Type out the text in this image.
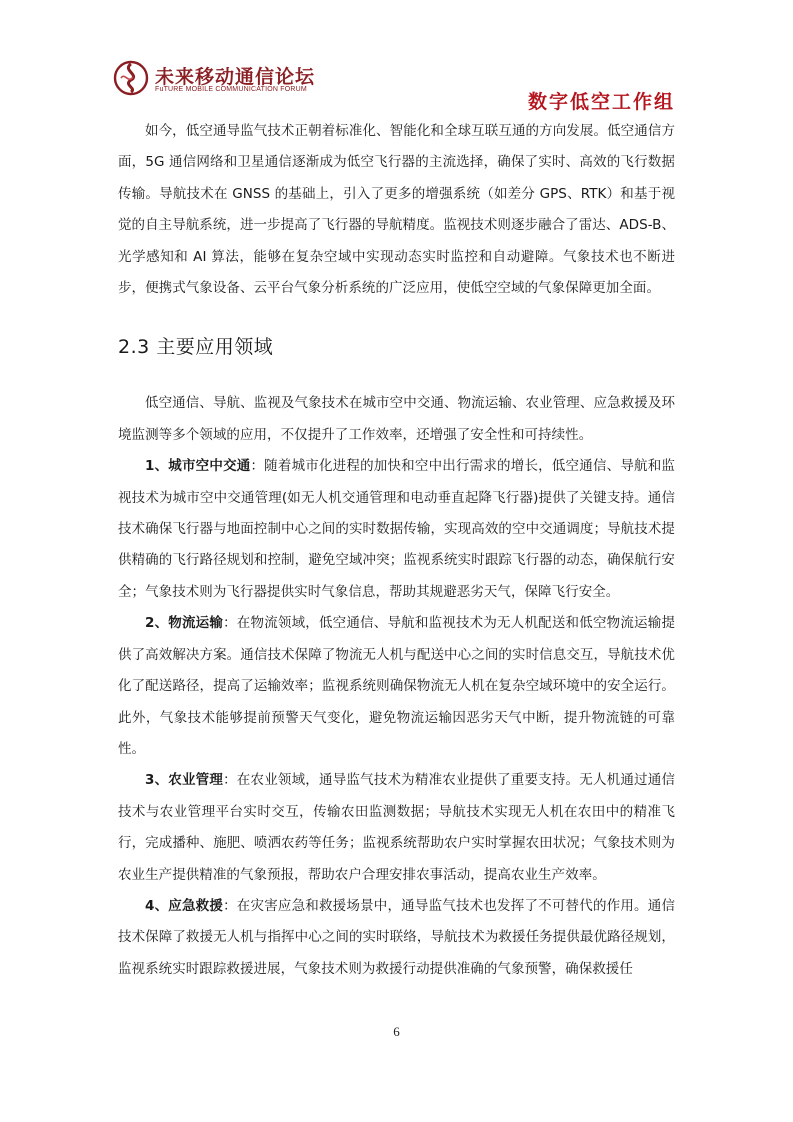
未来移动通信论坛
FuTURE MOBILE COMMUNICATION FORUM
数字低空工作组

如今，低空通导监气技术正朝着标准化、智能化和全球互联互通的方向发展。低空通信方面，5G 通信网络和卫星通信逐渐成为低空飞行器的主流选择，确保了实时、高效的飞行数据传输。导航技术在 GNSS 的基础上，引入了更多的增强系统（如差分 GPS、RTK）和基于视觉的自主导航系统，进一步提高了飞行器的导航精度。监视技术则逐步融合了雷达、ADS-B、光学感知和 AI 算法，能够在复杂空域中实现动态实时监控和自动避障。气象技术也不断进步，便携式气象设备、云平台气象分析系统的广泛应用，使低空空域的气象保障更加全面。

2.3 主要应用领域

低空通信、导航、监视及气象技术在城市空中交通、物流运输、农业管理、应急救援及环境监测等多个领域的应用，不仅提升了工作效率，还增强了安全性和可持续性。

1、城市空中交通：随着城市化进程的加快和空中出行需求的增长，低空通信、导航和监视技术为城市空中交通管理(如无人机交通管理和电动垂直起降飞行器)提供了关键支持。通信技术确保飞行器与地面控制中心之间的实时数据传输，实现高效的空中交通调度；导航技术提供精确的飞行路径规划和控制，避免空域冲突；监视系统实时跟踪飞行器的动态，确保航行安全；气象技术则为飞行器提供实时气象信息，帮助其规避恶劣天气，保障飞行安全。

2、物流运输：在物流领域，低空通信、导航和监视技术为无人机配送和低空物流运输提供了高效解决方案。通信技术保障了物流无人机与配送中心之间的实时信息交互，导航技术优化了配送路径，提高了运输效率；监视系统则确保物流无人机在复杂空域环境中的安全运行。此外，气象技术能够提前预警天气变化，避免物流运输因恶劣天气中断，提升物流链的可靠性。

3、农业管理：在农业领域，通导监气技术为精准农业提供了重要支持。无人机通过通信技术与农业管理平台实时交互，传输农田监测数据；导航技术实现无人机在农田中的精准飞行，完成播种、施肥、喷洒农药等任务；监视系统帮助农户实时掌握农田状况；气象技术则为农业生产提供精准的气象预报，帮助农户合理安排农事活动，提高农业生产效率。

4、应急救援：在灾害应急和救援场景中，通导监气技术也发挥了不可替代的作用。通信技术保障了救援无人机与指挥中心之间的实时联络，导航技术为救援任务提供最优路径规划，监视系统实时跟踪救援进展，气象技术则为救援行动提供准确的气象预警，确保救援任

6
